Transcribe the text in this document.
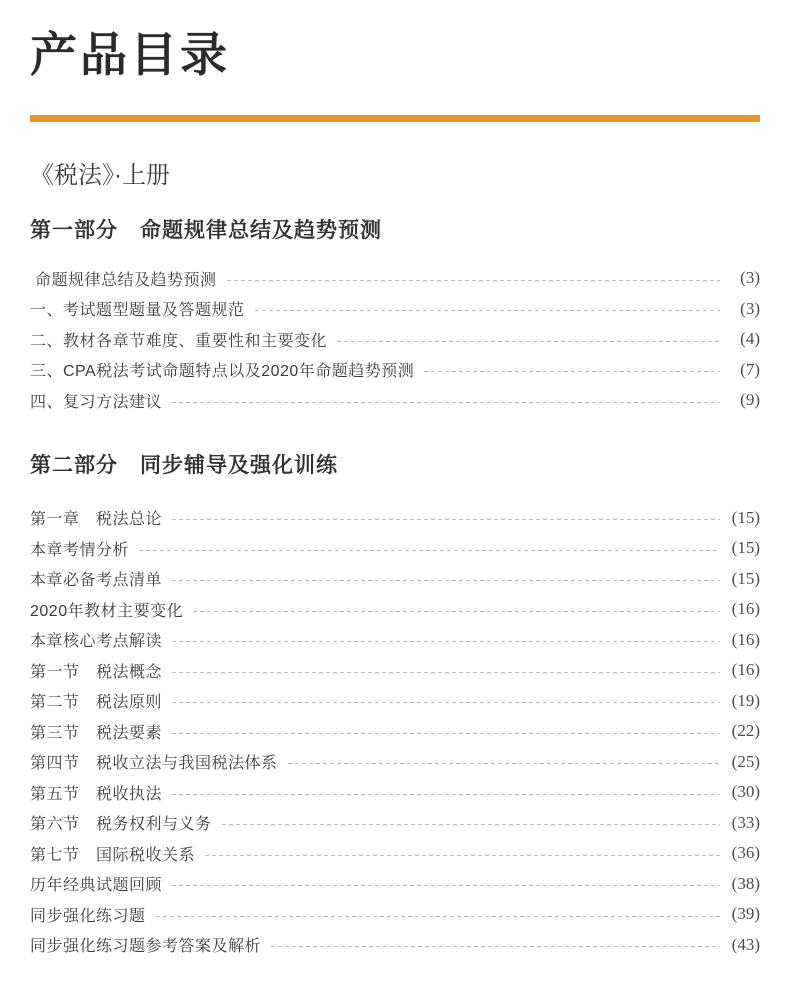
产品目录
《税法》·上册
第一部分　命题规律总结及趋势预测
命题规律总结及趋势预测	(3)
一、考试题型题量及答题规范	(3)
二、教材各章节难度、重要性和主要变化	(4)
三、CPA税法考试命题特点以及2020年命题趋势预测	(7)
四、复习方法建议	(9)
第二部分　同步辅导及强化训练
第一章　税法总论	(15)
本章考情分析	(15)
本章必备考点清单	(15)
2020年教材主要变化	(16)
本章核心考点解读	(16)
第一节　税法概念	(16)
第二节　税法原则	(19)
第三节　税法要素	(22)
第四节　税收立法与我国税法体系	(25)
第五节　税收执法	(30)
第六节　税务权利与义务	(33)
第七节　国际税收关系	(36)
历年经典试题回顾	(38)
同步强化练习题	(39)
同步强化练习题参考答案及解析	(43)
